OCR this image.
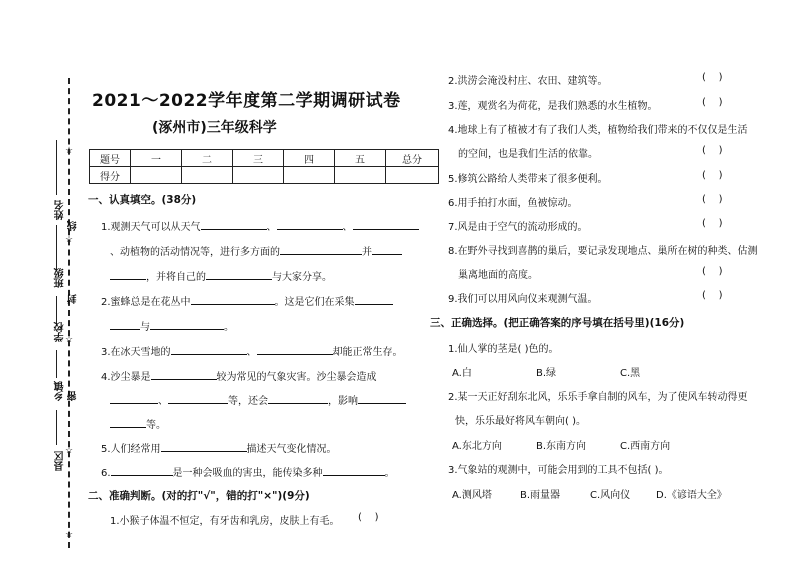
☆
☆
☆
☆
☆
姓名
线
班级
封
学校
乡镇 密
县区
2021～2022学年度第二学期调研试卷
(涿州市)三年级科学
题号	一	二	三	四	五	总分
得分						
一、认真填空。(38分)
1.观测天气可以从天气	、	、
、动植物的活动情况等，进行多方面的	并
，并将自己的	与大家分享。
2.蜜蜂总是在花丛中	。这是它们在采集
与	。
3.在冰天雪地的	、	却能正常生存。
4.沙尘暴是	较为常见的气象灾害。沙尘暴会造成
、	等，还会	，影响
等。
5.人们经常用	描述天气变化情况。
6.	是一种会吸血的害虫，能传染多种	。
二、准确判断。(对的打"√"，错的打"×")(9分)
1.小猴子体温不恒定，有牙齿和乳房，皮肤上有毛。 (    )
2.洪涝会淹没村庄、农田、建筑等。	(    )
3.莲，观赏名为荷花，是我们熟悉的水生植物。	(    )
4.地球上有了植被才有了我们人类，植物给我们带来的不仅仅是生活
的空间，也是我们生活的依靠。	(    )
5.修筑公路给人类带来了很多便利。	(    )
6.用手拍打水面，鱼被惊动。	(    )
7.风是由于空气的流动形成的。	(    )
8.在野外寻找到喜鹊的巢后，要记录发现地点、巢所在树的种类、估测
巢离地面的高度。	(    )
9.我们可以用风向仪来观测气温。	(    )
三、正确选择。(把正确答案的序号填在括号里)(16分)
1.仙人掌的茎是( )色的。
A.白	B.绿	C.黑
2.某一天正好刮东北风，乐乐手拿自制的风车，为了使风车转动得更
快，乐乐最好将风车朝向( )。
A.东北方向	B.东南方向	C.西南方向
3.气象站的观测中，可能会用到的工具不包括( )。
A.测风塔	B.雨量器	C.风向仪	D.《谚语大全》
